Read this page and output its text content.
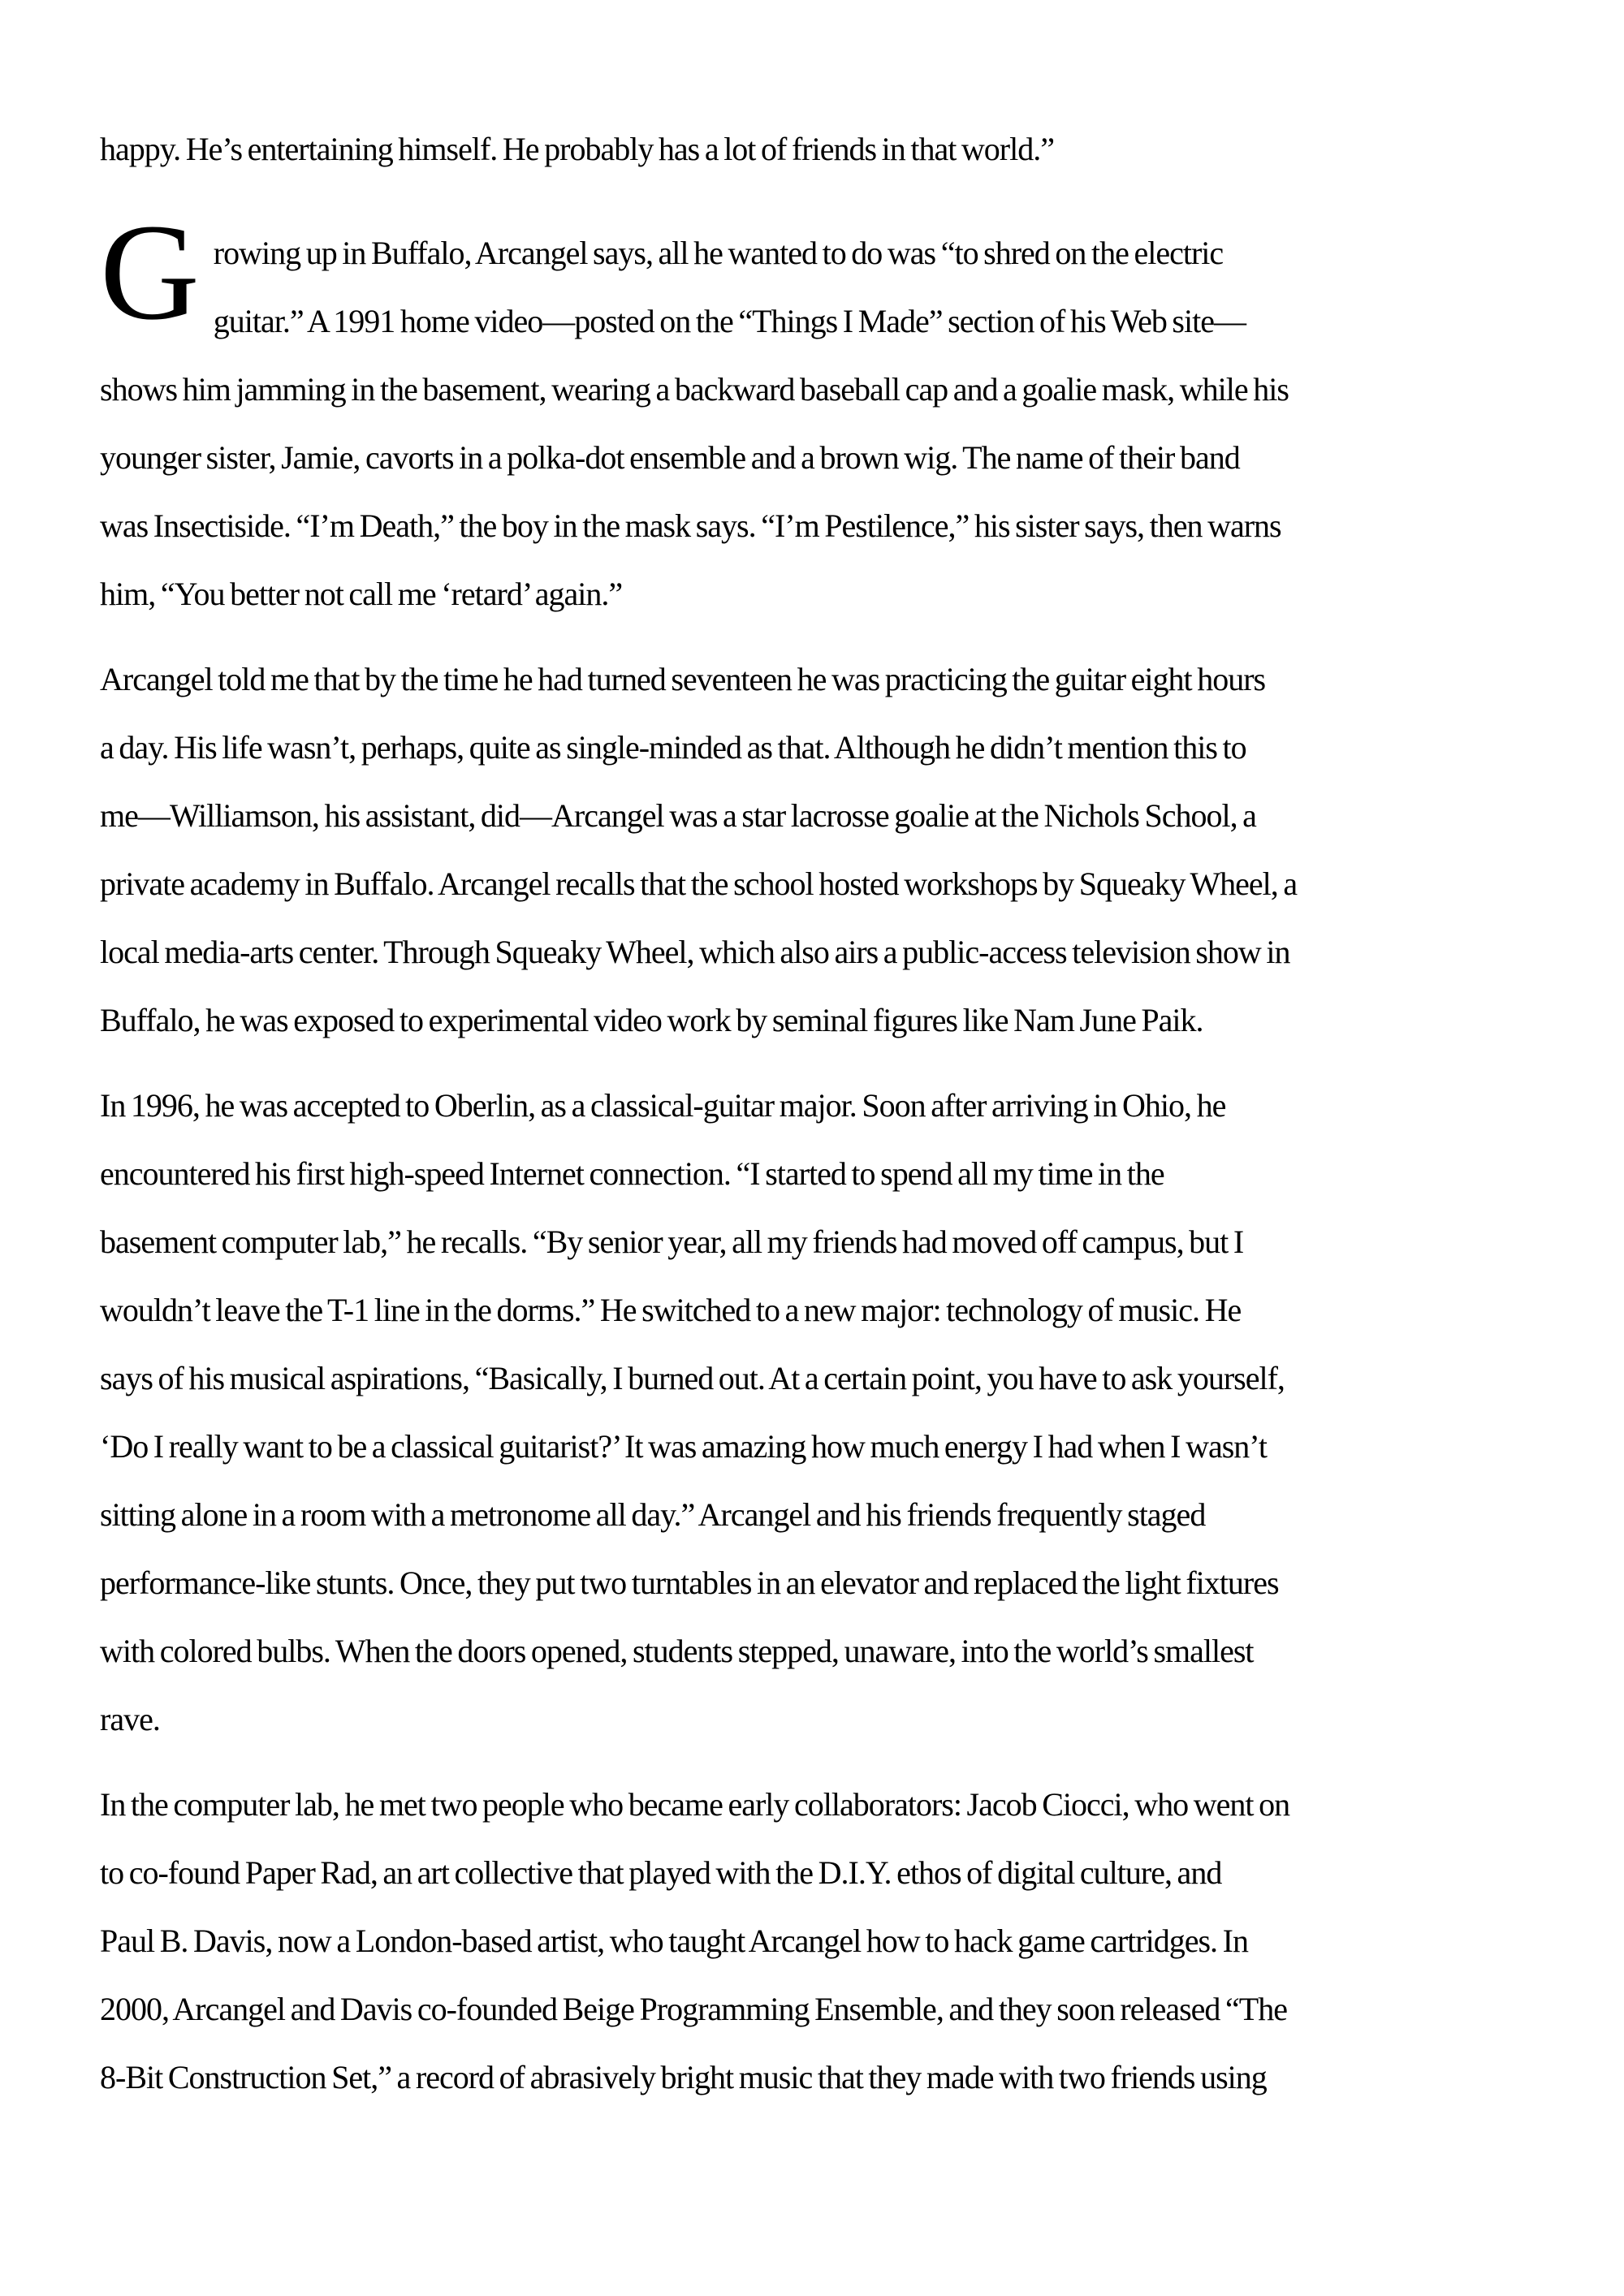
happy. He’s entertaining himself. He probably has a lot of friends in that world.”
G rowing up in Buffalo, Arcangel says, all he wanted to do was “to shred on the electric
guitar.” A 1991 home video—posted on the “Things I Made” section of his Web site—
shows him jamming in the basement, wearing a backward baseball cap and a goalie mask, while his
younger sister, Jamie, cavorts in a polka-dot ensemble and a brown wig. The name of their band
was Insectiside. “I’m Death,” the boy in the mask says. “I’m Pestilence,” his sister says, then warns
him, “You better not call me ‘retard’ again.”
Arcangel told me that by the time he had turned seventeen he was practicing the guitar eight hours
a day. His life wasn’t, perhaps, quite as single-minded as that. Although he didn’t mention this to
me—Williamson, his assistant, did—Arcangel was a star lacrosse goalie at the Nichols School, a
private academy in Buffalo. Arcangel recalls that the school hosted workshops by Squeaky Wheel, a
local media-arts center. Through Squeaky Wheel, which also airs a public-access television show in
Buffalo, he was exposed to experimental video work by seminal figures like Nam June Paik.
In 1996, he was accepted to Oberlin, as a classical-guitar major. Soon after arriving in Ohio, he
encountered his first high-speed Internet connection. “I started to spend all my time in the
basement computer lab,” he recalls. “By senior year, all my friends had moved off campus, but I
wouldn’t leave the T-1 line in the dorms.” He switched to a new major: technology of music. He
says of his musical aspirations, “Basically, I burned out. At a certain point, you have to ask yourself,
‘Do I really want to be a classical guitarist?’ It was amazing how much energy I had when I wasn’t
sitting alone in a room with a metronome all day.” Arcangel and his friends frequently staged
performance-like stunts. Once, they put two turntables in an elevator and replaced the light fixtures
with colored bulbs. When the doors opened, students stepped, unaware, into the world’s smallest
rave.
In the computer lab, he met two people who became early collaborators: Jacob Ciocci, who went on
to co-found Paper Rad, an art collective that played with the D.I.Y. ethos of digital culture, and
Paul B. Davis, now a London-based artist, who taught Arcangel how to hack game cartridges. In
2000, Arcangel and Davis co-founded Beige Programming Ensemble, and they soon released “The
8-Bit Construction Set,” a record of abrasively bright music that they made with two friends using
